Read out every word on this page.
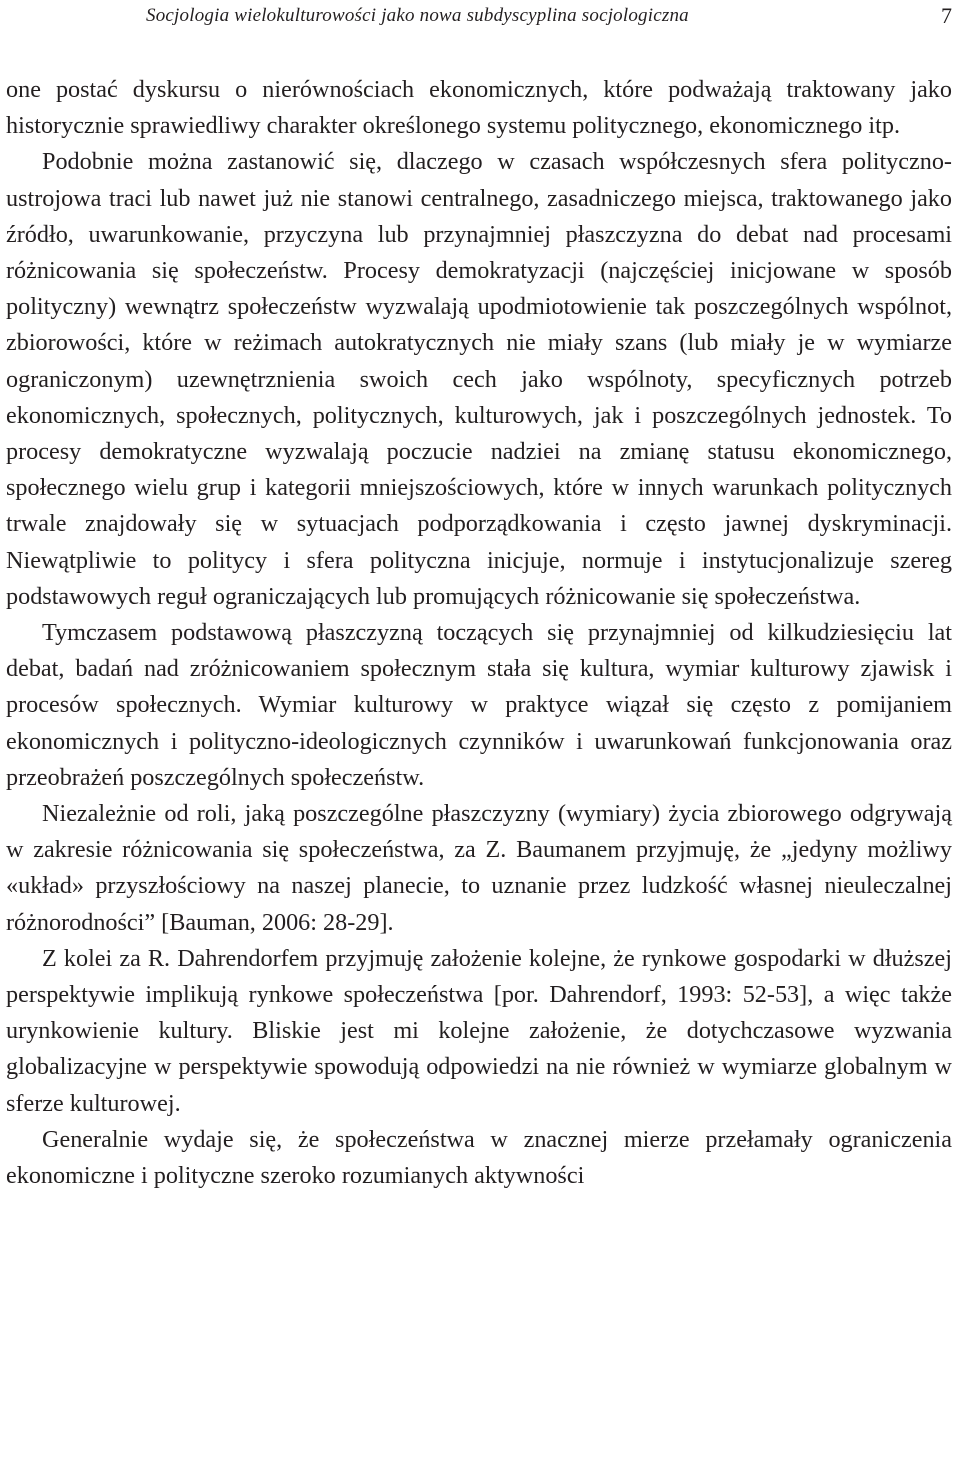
Socjologia wielokulturowości jako nowa subdyscyplina socjologiczna	7

one postać dyskursu o nierównościach ekonomicznych, które podważają traktowany jako historycznie sprawiedliwy charakter określonego systemu politycznego, ekonomicznego itp.

Podobnie można zastanowić się, dlaczego w czasach współczesnych sfera polityczno-ustrojowa traci lub nawet już nie stanowi centralnego, zasadniczego miejsca, traktowanego jako źródło, uwarunkowanie, przyczyna lub przynajmniej płaszczyzna do debat nad procesami różnicowania się społeczeństw. Procesy demokratyzacji (najczęściej inicjowane w sposób polityczny) wewnątrz społeczeństw wyzwalają upodmiotowienie tak poszczególnych wspólnot, zbiorowości, które w reżimach autokratycznych nie miały szans (lub miały je w wymiarze ograniczonym) uzewnętrznienia swoich cech jako wspólnoty, specyficznych potrzeb ekonomicznych, społecznych, politycznych, kulturowych, jak i poszczególnych jednostek. To procesy demokratyczne wyzwalają poczucie nadziei na zmianę statusu ekonomicznego, społecznego wielu grup i kategorii mniejszościowych, które w innych warunkach politycznych trwale znajdowały się w sytuacjach podporządkowania i często jawnej dyskryminacji. Niewątpliwie to politycy i sfera polityczna inicjuje, normuje i instytucjonalizuje szereg podstawowych reguł ograniczających lub promujących różnicowanie się społeczeństwa.

Tymczasem podstawową płaszczyzną toczących się przynajmniej od kilkudziesięciu lat debat, badań nad zróżnicowaniem społecznym stała się kultura, wymiar kulturowy zjawisk i procesów społecznych. Wymiar kulturowy w praktyce wiązał się często z pomijaniem ekonomicznych i polityczno-ideologicznych czynników i uwarunkowań funkcjonowania oraz przeobrażeń poszczególnych społeczeństw.

Niezależnie od roli, jaką poszczególne płaszczyzny (wymiary) życia zbiorowego odgrywają w zakresie różnicowania się społeczeństwa, za Z. Baumanem przyjmuję, że „jedyny możliwy «układ» przyszłościowy na naszej planecie, to uznanie przez ludzkość własnej nieuleczalnej różnorodności” [Bauman, 2006: 28-29].

Z kolei za R. Dahrendorfem przyjmuję założenie kolejne, że rynkowe gospodarki w dłuższej perspektywie implikują rynkowe społeczeństwa [por. Dahrendorf, 1993: 52-53], a więc także urynkowienie kultury. Bliskie jest mi kolejne założenie, że dotychczasowe wyzwania globalizacyjne w perspektywie spowodują odpowiedzi na nie również w wymiarze globalnym w sferze kulturowej.

Generalnie wydaje się, że społeczeństwa w znacznej mierze przełamały ograniczenia ekonomiczne i polityczne szeroko rozumianych aktywności
